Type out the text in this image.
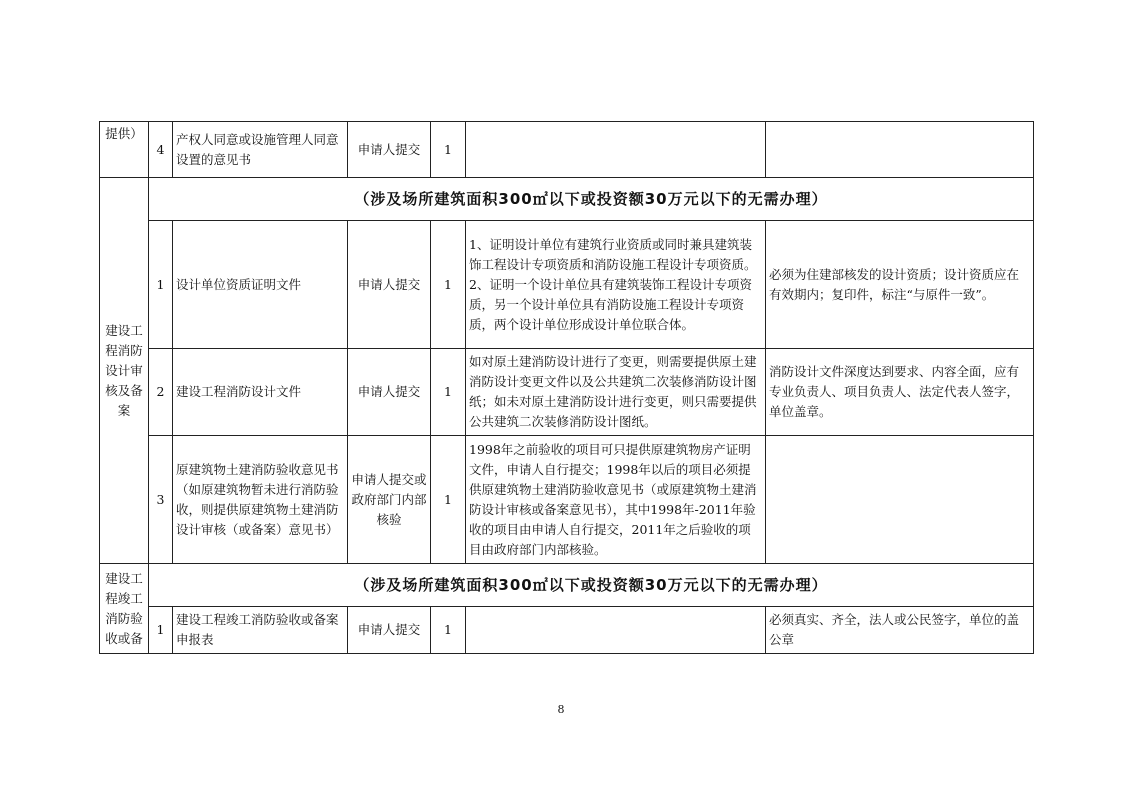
提供）	4	产权人同意或设施管理人同意设置的意见书	申请人提交	1		
建设工程消防设计审核及备案	（涉及场所建筑面积300㎡以下或投资额30万元以下的无需办理）					
	1	设计单位资质证明文件	申请人提交	1	1、证明设计单位有建筑行业资质或同时兼具建筑装饰工程设计专项资质和消防设施工程设计专项资质。
2、证明一个设计单位具有建筑装饰工程设计专项资质，另一个设计单位具有消防设施工程设计专项资质，两个设计单位形成设计单位联合体。	必须为住建部核发的设计资质；设计资质应在有效期内；复印件，标注“与原件一致”。
	2	建设工程消防设计文件	申请人提交	1	如对原土建消防设计进行了变更，则需要提供原土建消防设计变更文件以及公共建筑二次装修消防设计图纸；如未对原土建消防设计进行变更，则只需要提供公共建筑二次装修消防设计图纸。	消防设计文件深度达到要求、内容全面，应有专业负责人、项目负责人、法定代表人签字，单位盖章。
	3	原建筑物土建消防验收意见书（如原建筑物暂未进行消防验收，则提供原建筑物土建消防设计审核（或备案）意见书）	申请人提交或政府部门内部核验	1	1998年之前验收的项目可只提供原建筑物房产证明文件，申请人自行提交；1998年以后的项目必须提供原建筑物土建消防验收意见书（或原建筑物土建消防设计审核或备案意见书），其中1998年-2011年验收的项目由申请人自行提交，2011年之后验收的项目由政府部门内部核验。	
建设工程竣工消防验收或备	（涉及场所建筑面积300㎡以下或投资额30万元以下的无需办理）					
	1	建设工程竣工消防验收或备案申报表	申请人提交	1		必须真实、齐全，法人或公民签字，单位的盖公章
8
